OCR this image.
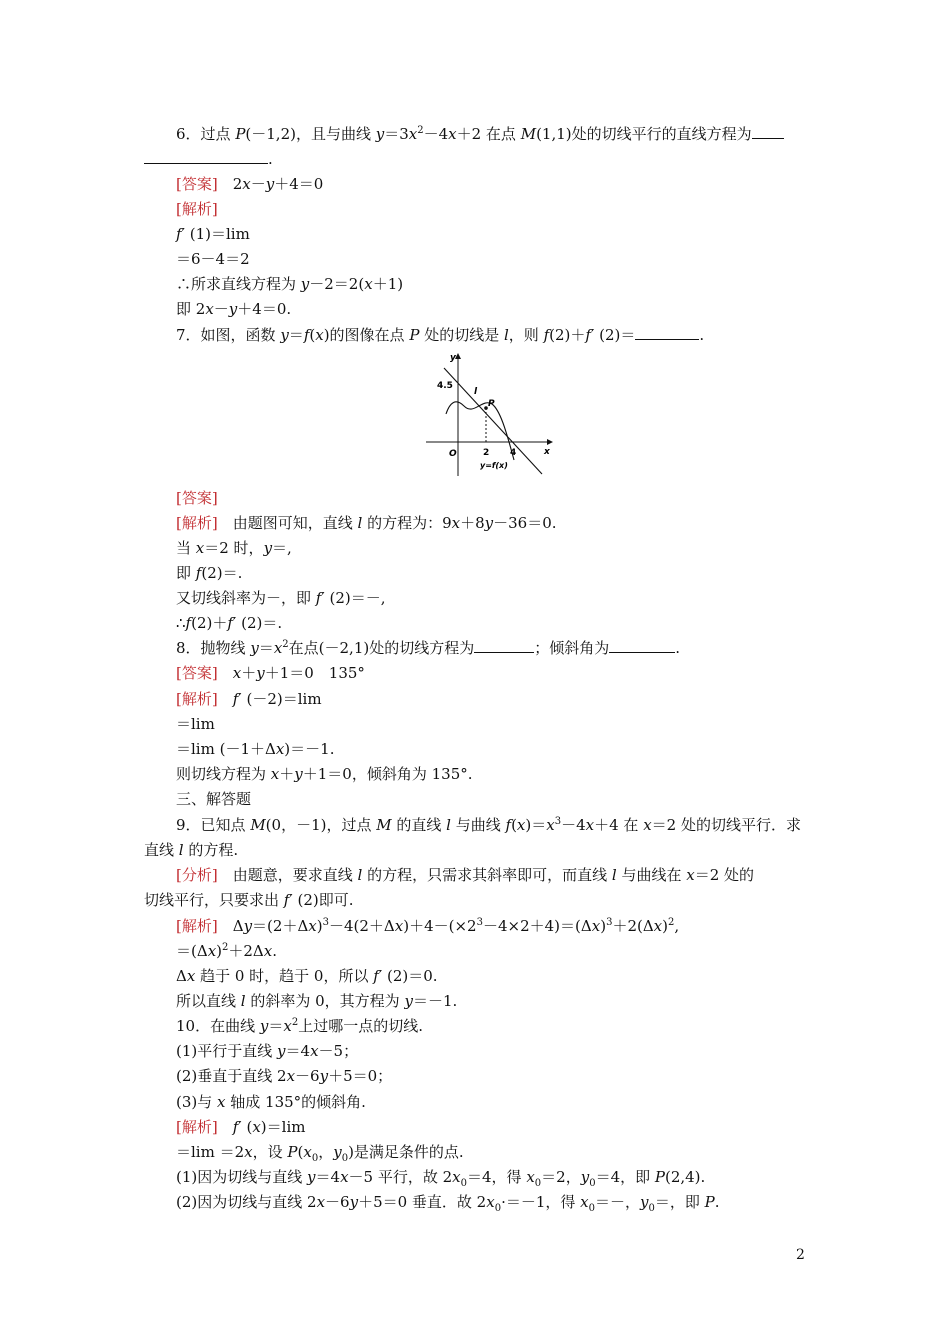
6．过点 P(－1,2)，且与曲线 $y=3x^2-4x+2$ 在点 M(1,1)处的切线平行的直线方程为
.
[答案]　2x－y＋4＝0
[解析]
f′ (1)＝lim
＝6－4＝2
∴所求直线方程为 y－2＝2(x＋1)
即 2x－y＋4＝0.
7．如图，函数 y＝f(x)的图像在点 P 处的切线是 l，则 f(2)＋f′ (2)＝	.
y
x
O
4.5
l
P
2 4
y=f(x)
[答案]
[解析]　由题图可知，直线 l 的方程为：9x＋8y－36＝0.
当 x＝2 时，y＝,
即 f(2)＝.
又切线斜率为－，即 f′ (2)＝－,
∴f(2)＋f′ (2)＝.
8．抛物线 $y=x^2$在点(－2,1)处的切线方程为	；倾斜角为	.
[答案]　 x＋y＋1＝0　135°
[解析]　 f′ (－2)＝lim
＝lim
＝lim (－1＋Δx)＝－1.
则切线方程为 x＋y＋1＝0，倾斜角为 135°.
三、解答题
9．已知点 M(0，－1)，过点 M 的直线 l 与曲线 $f(x)=x^3-4x+4$ 在 x＝2 处的切线平行．求
直线 l 的方程.
[分析]　由题意，要求直线 l 的方程，只需求其斜率即可，而直线 l 与曲线在 x＝2 处的
切线平行，只要求出 f′ (2)即可.
[解析]　$\Delta y=(2+\Delta x)^3-4(2+\Delta x)+4-(\times 2^3-4\times 2+4)=(\Delta x)^3+2(\Delta x)^2$,
$=(\Delta x)^2+2\Delta x$.
Δx 趋于 0 时，趋于 0，所以 f′ (2)＝0.
所以直线 l 的斜率为 0，其方程为 y＝－1.
10．在曲线 $y=x^2$上过哪一点的切线.
(1)平行于直线 y＝4x－5；
(2)垂直于直线 2x－6y＋5＝0；
(3)与 x 轴成 135°的倾斜角.
[解析]　 f′ (x)＝lim
＝lim ＝2x，设 $P(x_0$，$y_0$)是满足条件的点.
(1)因为切线与直线 y＝4x－5 平行，故 $2x_0=4$，得 $x_0=2$，$y_0=4$，即 P(2,4).
(2)因为切线与直线 2x－6y＋5＝0 垂直．故 $2x_0\cdot=-1$，得 $x_0=-$，$y_0=$，即 P.
2
